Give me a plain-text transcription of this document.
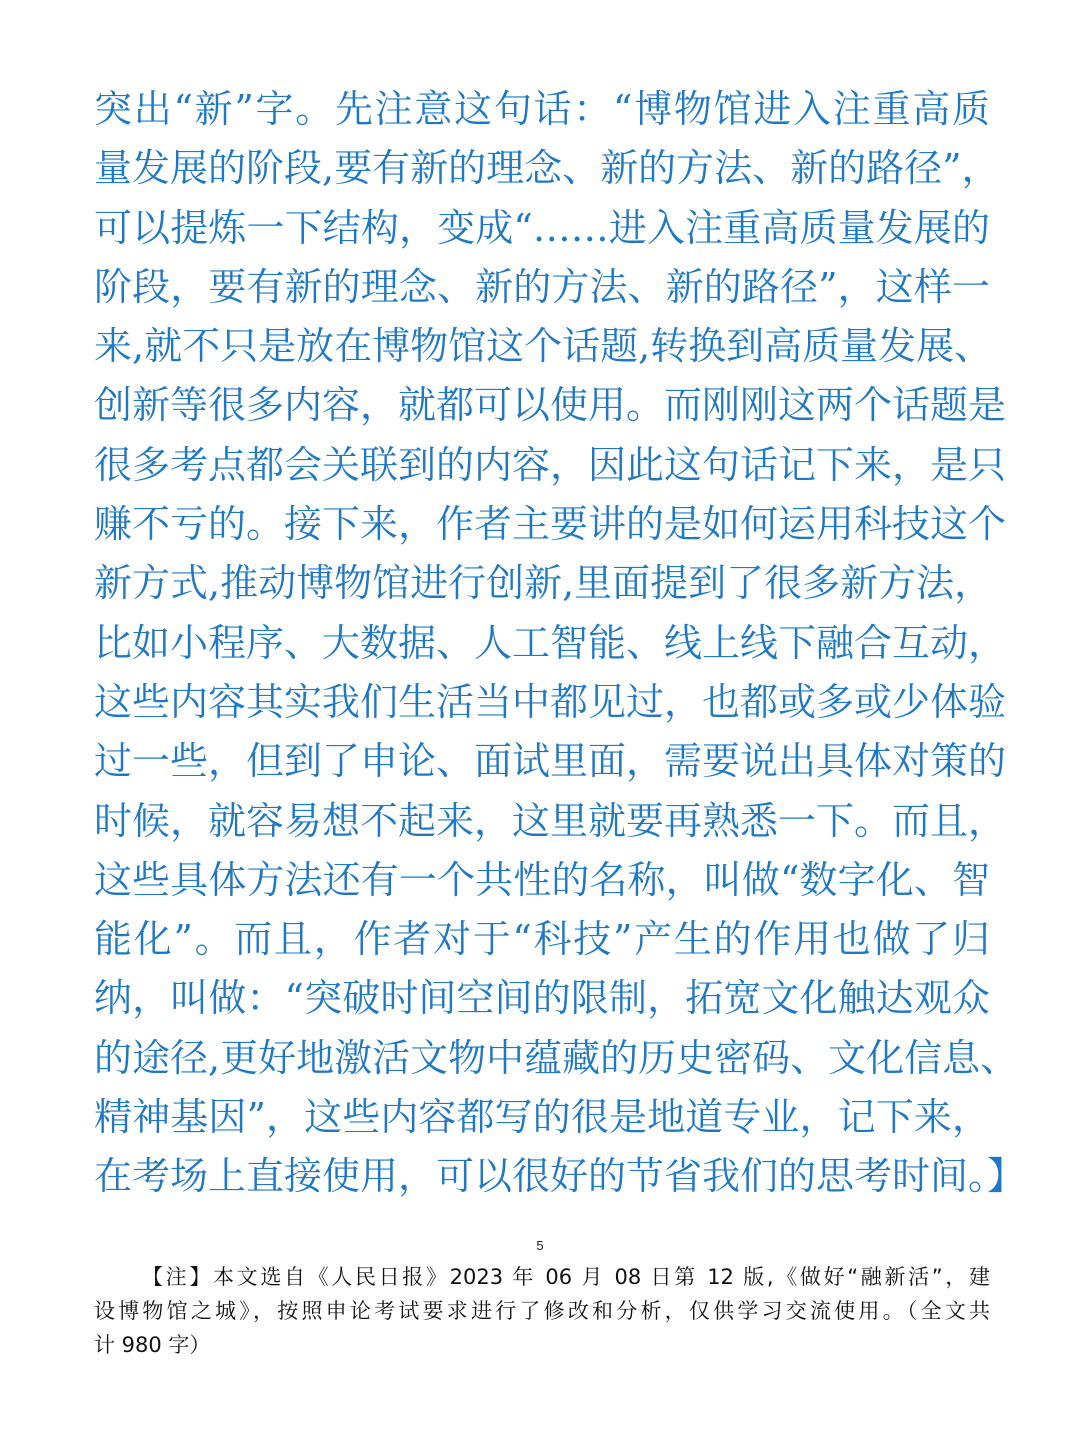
突出“新”字。先注意这句话：“博物馆进入注重高质
量发展的阶段,要有新的理念、新的方法、新的路径”，
可以提炼一下结构，变成“……进入注重高质量发展的
阶段，要有新的理念、新的方法、新的路径”，这样一
来,就不只是放在博物馆这个话题,转换到高质量发展、
创新等很多内容，就都可以使用。而刚刚这两个话题是
很多考点都会关联到的内容，因此这句话记下来，是只
赚不亏的。接下来，作者主要讲的是如何运用科技这个
新方式,推动博物馆进行创新,里面提到了很多新方法，
比如小程序、大数据、人工智能、线上线下融合互动，
这些内容其实我们生活当中都见过，也都或多或少体验
过一些，但到了申论、面试里面，需要说出具体对策的
时候，就容易想不起来，这里就要再熟悉一下。而且，
这些具体方法还有一个共性的名称，叫做“数字化、智
能化”。而且，作者对于“科技”产生的作用也做了归
纳，叫做：“突破时间空间的限制，拓宽文化触达观众
的途径,更好地激活文物中蕴藏的历史密码、文化信息、
精神基因”，这些内容都写的很是地道专业，记下来，
在考场上直接使用，可以很好的节省我们的思考时间。】
5
【注】本文选自《人民日报》2023 年 06 月 08 日第 12 版,《做好“融新活”，建
设博物馆之城》，按照申论考试要求进行了修改和分析，仅供学习交流使用。（全文共
计 980 字）
